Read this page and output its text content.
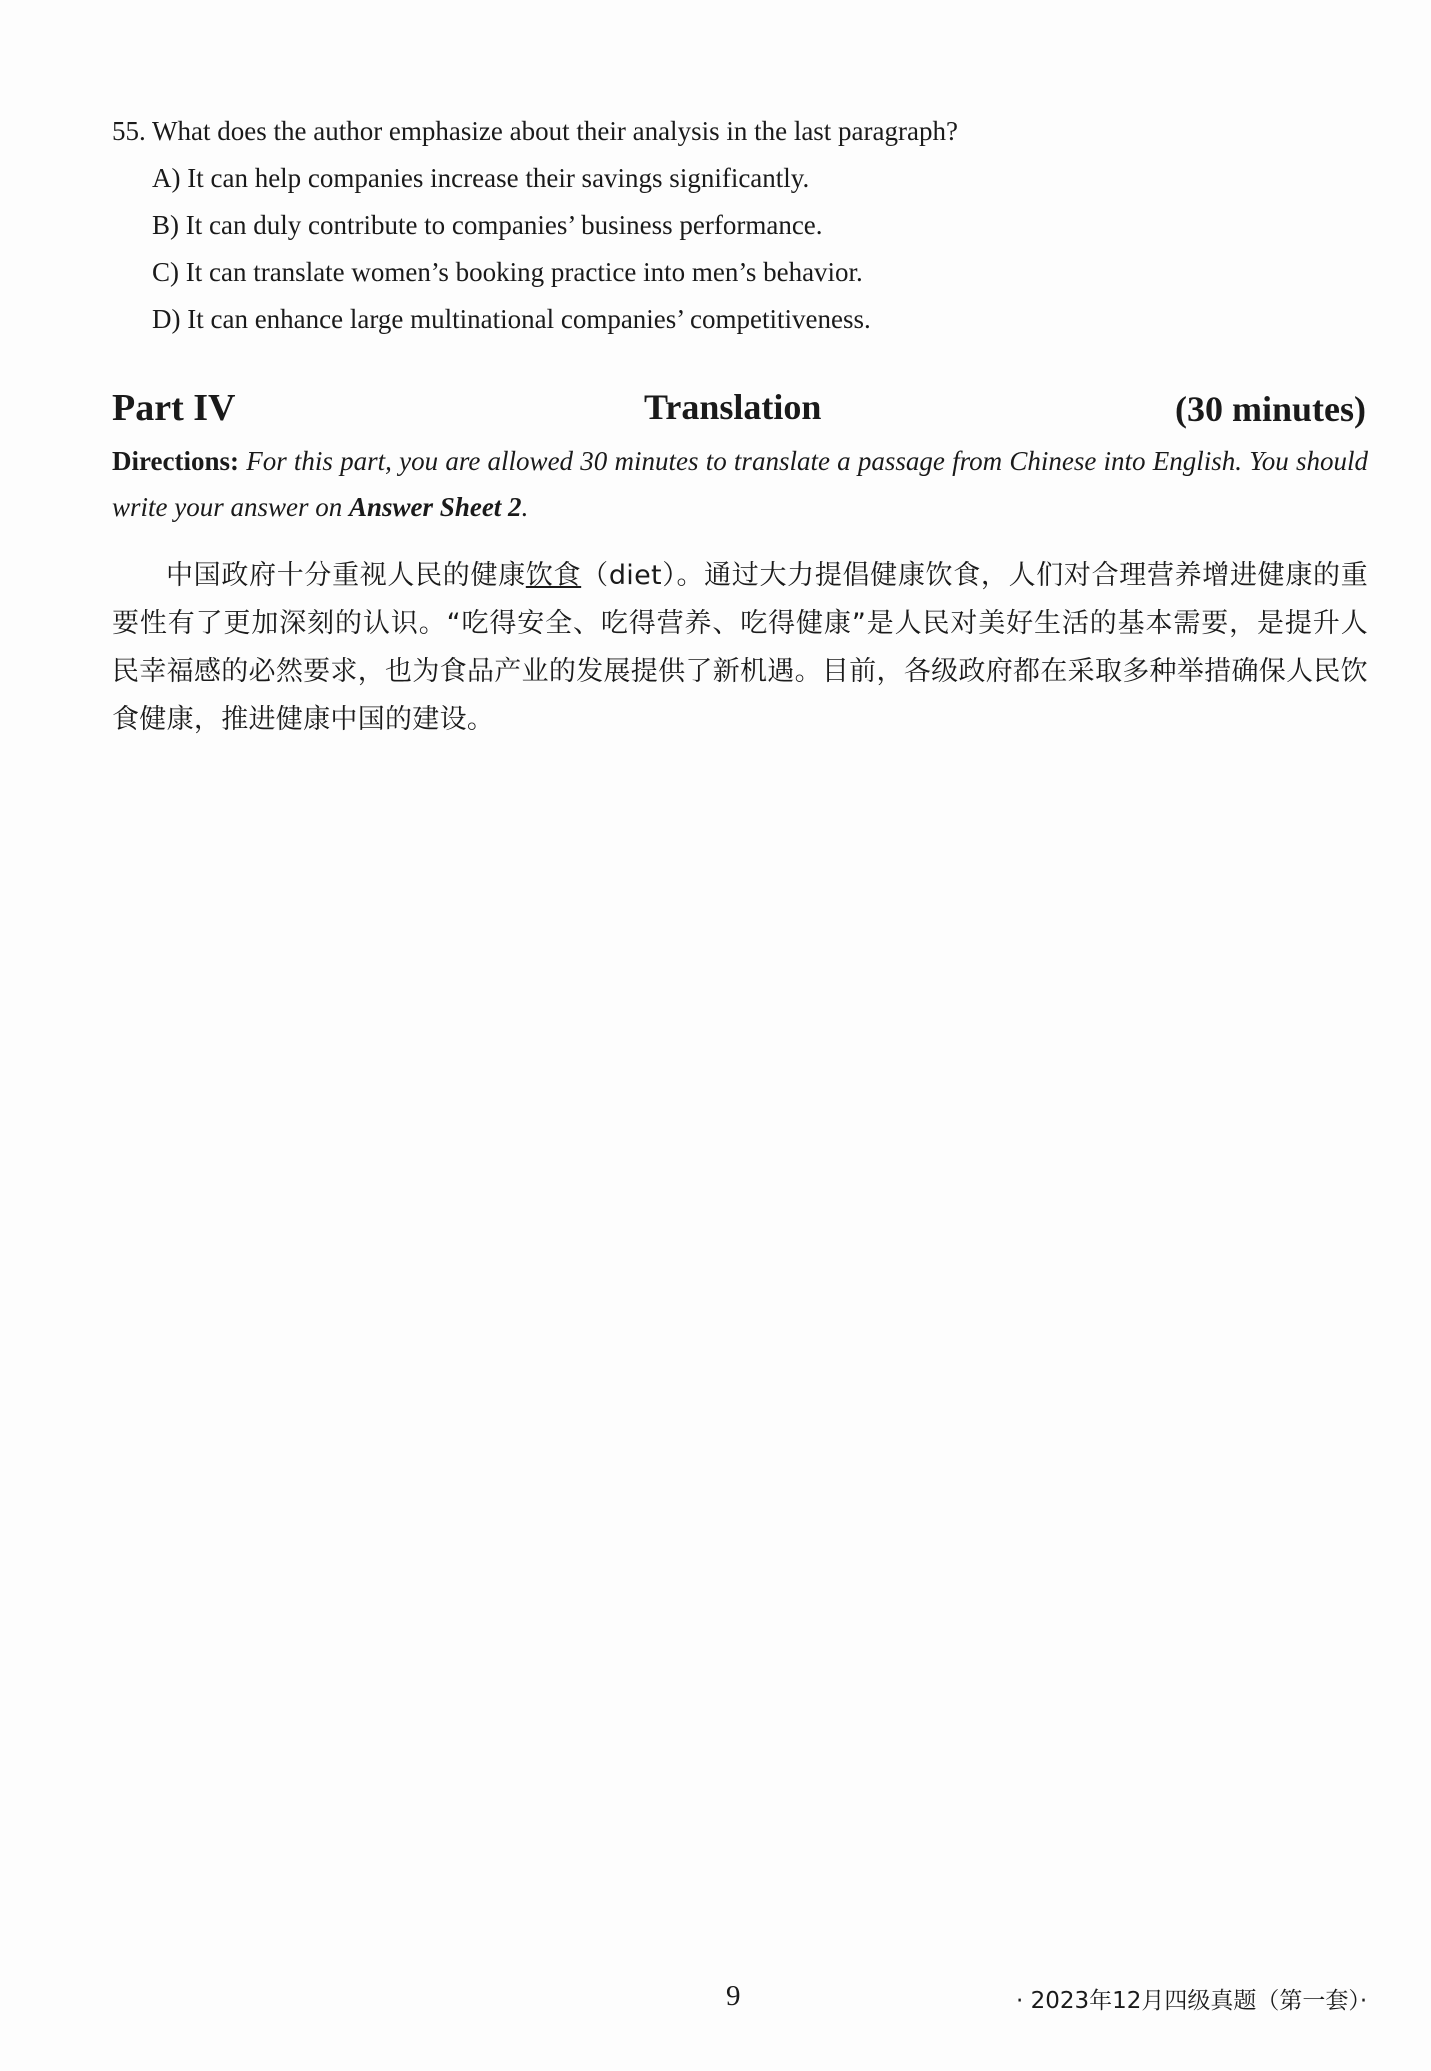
55. What does the author emphasize about their analysis in the last paragraph?
A) It can help companies increase their savings significantly.
B) It can duly contribute to companies’ business performance.
C) It can translate women’s booking practice into men’s behavior.
D) It can enhance large multinational companies’ competitiveness.
Part IV	Translation	(30 minutes)
Directions: For this part, you are allowed 30 minutes to translate a passage from Chinese into English. You should write your answer on Answer Sheet 2.
中国政府十分重视人民的健康饮食（diet）。通过大力提倡健康饮食，人们对合理营养增进健康的重要性有了更加深刻的认识。“吃得安全、吃得营养、吃得健康”是人民对美好生活的基本需要，是提升人民幸福感的必然要求，也为食品产业的发展提供了新机遇。目前，各级政府都在采取多种举措确保人民饮食健康，推进健康中国的建设。
9	· 2023年12月四级真题（第一套）·
